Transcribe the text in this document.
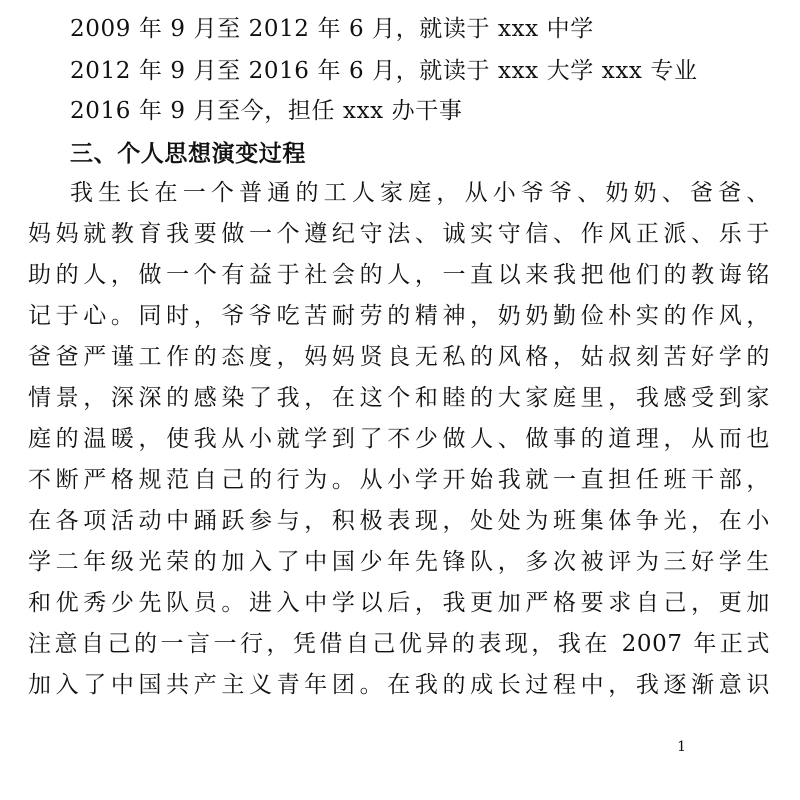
2009 年 9 月至 2012 年 6 月，就读于 xxx 中学
2012 年 9 月至 2016 年 6 月，就读于 xxx 大学 xxx 专业
2016 年 9 月至今，担任 xxx 办干事
三、个人思想演变过程
我生长在一个普通的工人家庭，从小爷爷、奶奶、爸爸、
妈妈就教育我要做一个遵纪守法、诚实守信、作风正派、乐于
助的人，做一个有益于社会的人，一直以来我把他们的教诲铭
记于心。同时，爷爷吃苦耐劳的精神，奶奶勤俭朴实的作风，
爸爸严谨工作的态度，妈妈贤良无私的风格，姑叔刻苦好学的
情景，深深的感染了我，在这个和睦的大家庭里，我感受到家
庭的温暖，使我从小就学到了不少做人、做事的道理，从而也
不断严格规范自己的行为。从小学开始我就一直担任班干部，
在各项活动中踊跃参与，积极表现，处处为班集体争光，在小
学二年级光荣的加入了中国少年先锋队，多次被评为三好学生
和优秀少先队员。进入中学以后，我更加严格要求自己，更加
注意自己的一言一行，凭借自己优异的表现，我在 2007 年正式
加入了中国共产主义青年团。在我的成长过程中，我逐渐意识
1
